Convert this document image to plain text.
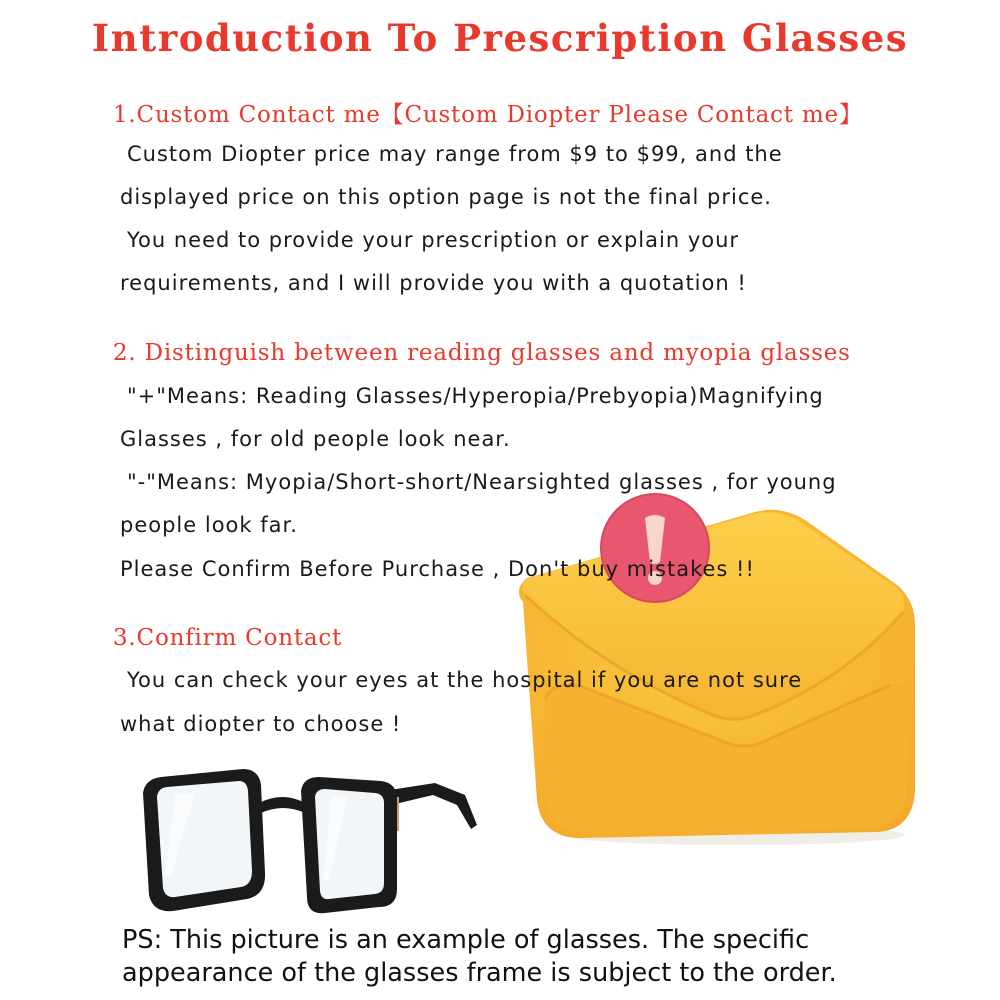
Introduction To Prescription Glasses
1.Custom Contact me【Custom Diopter Please Contact me】
Custom Diopter price may range from $9 to $99, and the
displayed price on this option page is not the final price.
You need to provide your prescription or explain your
requirements, and I will provide you with a quotation !
2. Distinguish between reading glasses and myopia glasses
"+"Means: Reading Glasses/Hyperopia/Prebyopia)Magnifying
Glasses , for old people look near.
"-"Means: Myopia/Short-short/Nearsighted glasses , for young
people look far.
Please Confirm Before Purchase , Don't buy mistakes !!
3.Confirm Contact
You can check your eyes at the hospital if you are not sure
what diopter to choose !
PS: This picture is an example of glasses. The specific
appearance of the glasses frame is subject to the order.
